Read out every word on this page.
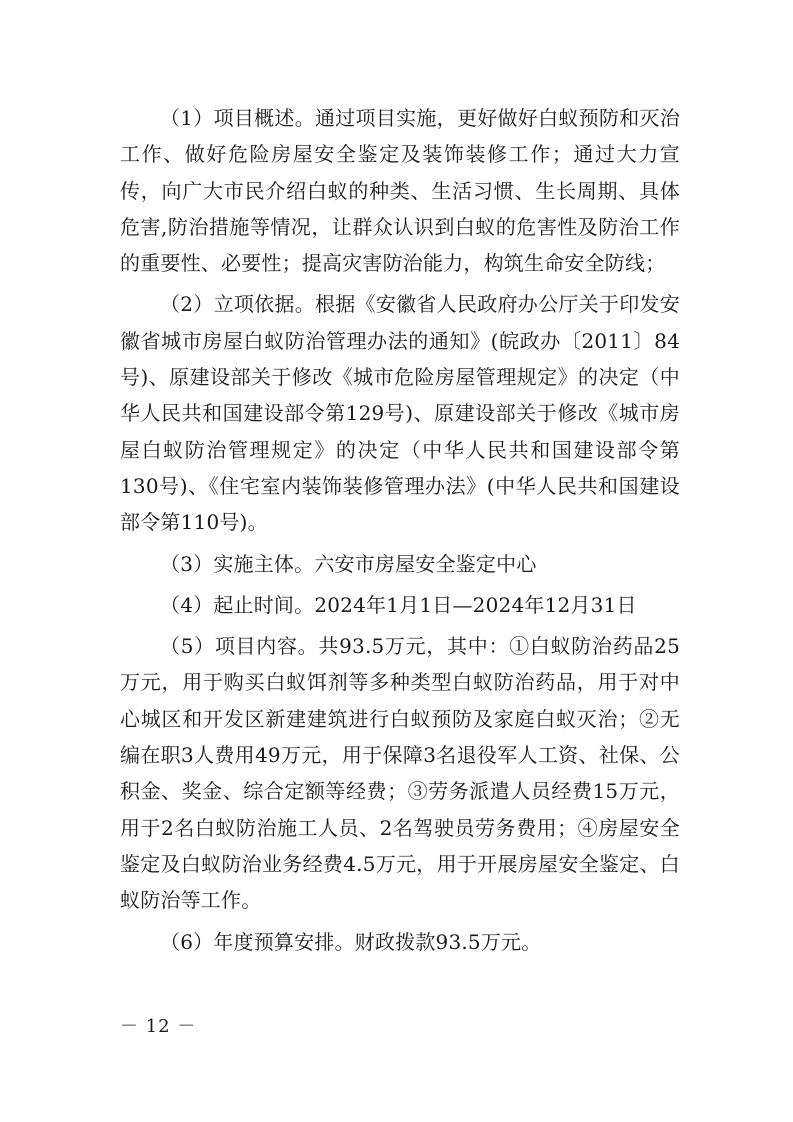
（1）项目概述。通过项目实施，更好做好白蚁预防和灭治工作、做好危险房屋安全鉴定及装饰装修工作；通过大力宣传，向广大市民介绍白蚁的种类、生活习惯、生长周期、具体危害,防治措施等情况，让群众认识到白蚁的危害性及防治工作的重要性、必要性；提高灾害防治能力，构筑生命安全防线；

（2）立项依据。根据《安徽省人民政府办公厅关于印发安徽省城市房屋白蚁防治管理办法的通知》(皖政办〔2011〕84号)、原建设部关于修改《城市危险房屋管理规定》的决定（中华人民共和国建设部令第129号)、原建设部关于修改《城市房屋白蚁防治管理规定》的决定（中华人民共和国建设部令第130号)、《住宅室内装饰装修管理办法》(中华人民共和国建设部令第110号)。

（3）实施主体。六安市房屋安全鉴定中心

（4）起止时间。2024年1月1日—2024年12月31日

（5）项目内容。共93.5万元，其中：①白蚁防治药品25万元，用于购买白蚁饵剂等多种类型白蚁防治药品，用于对中心城区和开发区新建建筑进行白蚁预防及家庭白蚁灭治；②无编在职3人费用49万元，用于保障3名退役军人工资、社保、公积金、奖金、综合定额等经费；③劳务派遣人员经费15万元，用于2名白蚁防治施工人员、2名驾驶员劳务费用；④房屋安全鉴定及白蚁防治业务经费4.5万元，用于开展房屋安全鉴定、白蚁防治等工作。

（6）年度预算安排。财政拨款93.5万元。

－ 12 －
